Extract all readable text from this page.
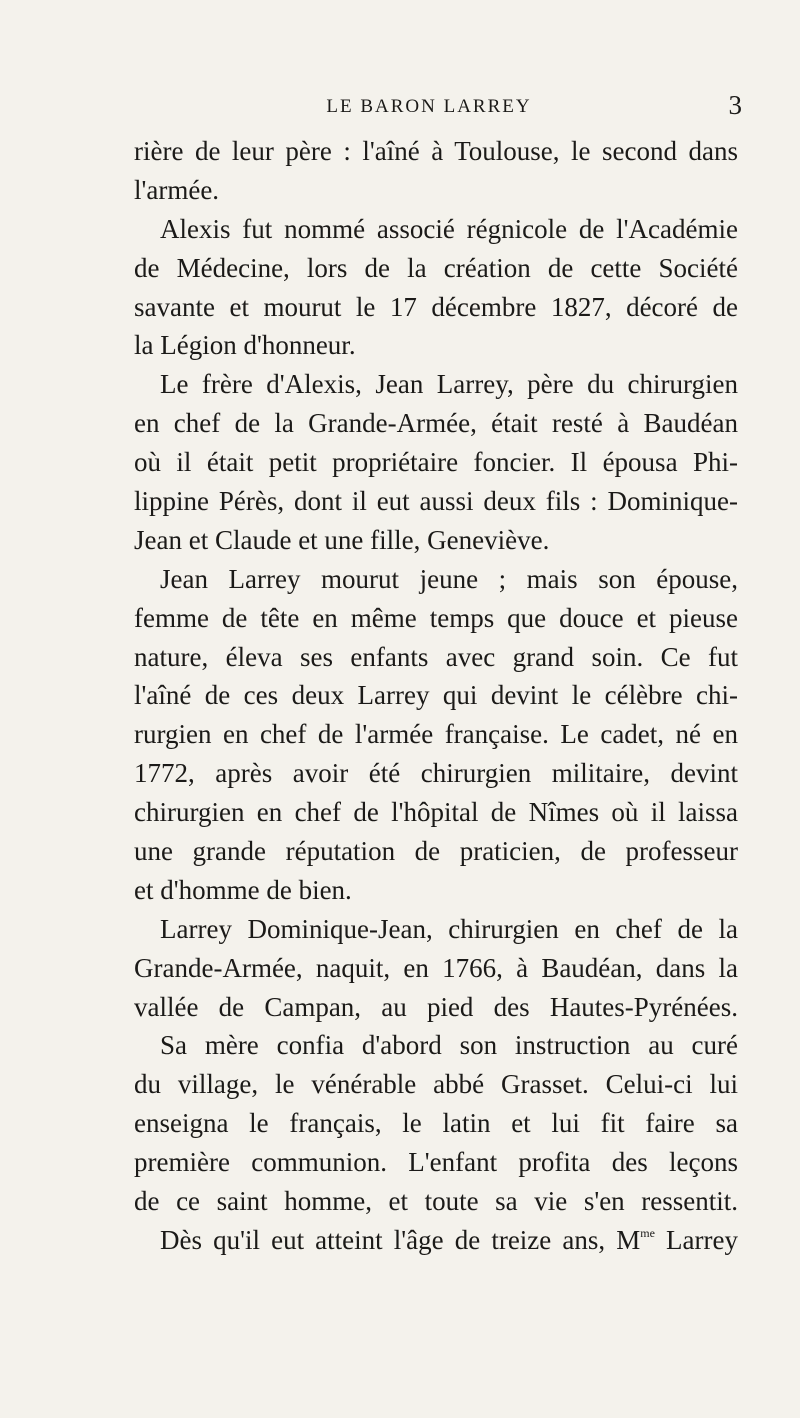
LE BARON LARREY	3
rière de leur père : l'aîné à Toulouse, le second dans
l'armée.
Alexis fut nommé associé régnicole de l'Académie
de Médecine, lors de la création de cette Société
savante et mourut le 17 décembre 1827, décoré de
la Légion d'honneur.
Le frère d'Alexis, Jean Larrey, père du chirurgien
en chef de la Grande-Armée, était resté à Baudéan
où il était petit propriétaire foncier. Il épousa Phi-
lippine Pérès, dont il eut aussi deux fils : Dominique-
Jean et Claude et une fille, Geneviève.
Jean Larrey mourut jeune ; mais son épouse,
femme de tête en même temps que douce et pieuse
nature, éleva ses enfants avec grand soin. Ce fut
l'aîné de ces deux Larrey qui devint le célèbre chi-
rurgien en chef de l'armée française. Le cadet, né en
1772, après avoir été chirurgien militaire, devint
chirurgien en chef de l'hôpital de Nîmes où il laissa
une grande réputation de praticien, de professeur
et d'homme de bien.
Larrey Dominique-Jean, chirurgien en chef de la
Grande-Armée, naquit, en 1766, à Baudéan, dans la
vallée de Campan, au pied des Hautes-Pyrénées.
Sa mère confia d'abord son instruction au curé
du village, le vénérable abbé Grasset. Celui-ci lui
enseigna le français, le latin et lui fit faire sa
première communion. L'enfant profita des leçons
de ce saint homme, et toute sa vie s'en ressentit.
Dès qu'il eut atteint l'âge de treize ans, $M^{me}$ Larrey
